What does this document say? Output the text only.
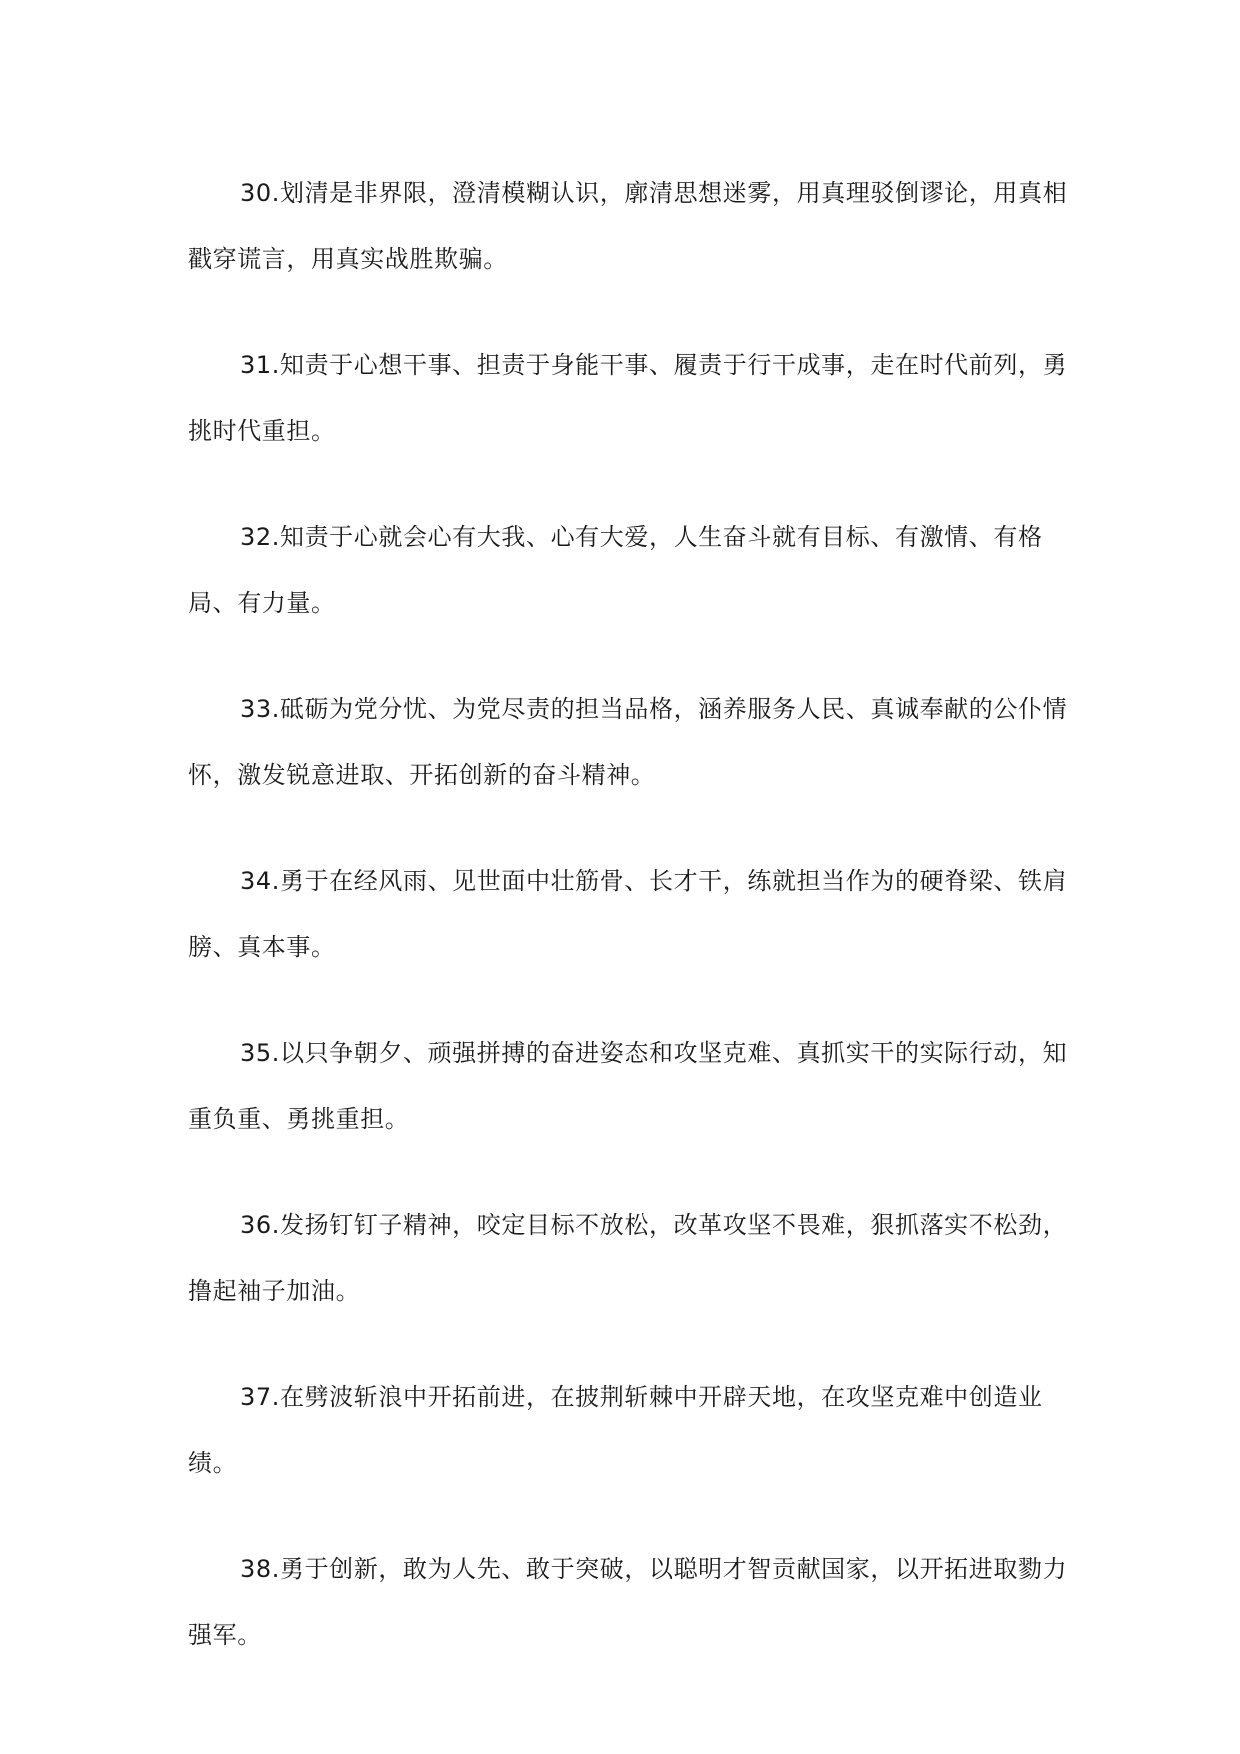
30.划清是非界限，澄清模糊认识，廓清思想迷雾，用真理驳倒谬论，用真相戳穿谎言，用真实战胜欺骗。

31.知责于心想干事、担责于身能干事、履责于行干成事，走在时代前列，勇挑时代重担。

32.知责于心就会心有大我、心有大爱，人生奋斗就有目标、有激情、有格局、有力量。

33.砥砺为党分忧、为党尽责的担当品格，涵养服务人民、真诚奉献的公仆情怀，激发锐意进取、开拓创新的奋斗精神。

34.勇于在经风雨、见世面中壮筋骨、长才干，练就担当作为的硬脊梁、铁肩膀、真本事。

35.以只争朝夕、顽强拼搏的奋进姿态和攻坚克难、真抓实干的实际行动，知重负重、勇挑重担。

36.发扬钉钉子精神，咬定目标不放松，改革攻坚不畏难，狠抓落实不松劲，撸起袖子加油。

37.在劈波斩浪中开拓前进，在披荆斩棘中开辟天地，在攻坚克难中创造业绩。

38.勇于创新，敢为人先、敢于突破，以聪明才智贡献国家，以开拓进取勠力强军。
